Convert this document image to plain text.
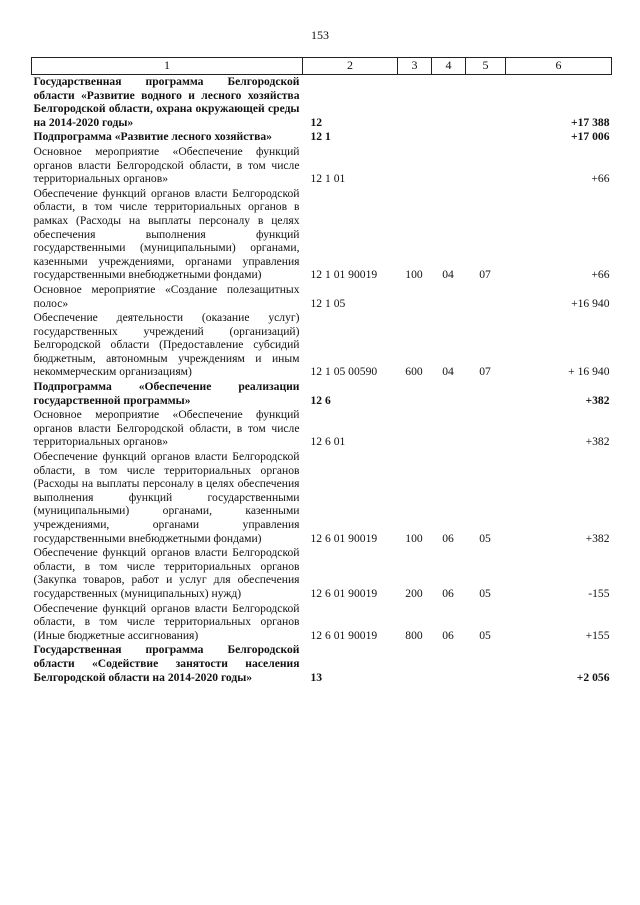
153
1	2	3	4	5	6
Государственная программа Белгородской области «Развитие водного и лесного хозяйства Белгородской области, охрана окружающей среды на 2014-2020 годы»	12				+17 388
Подпрограмма «Развитие лесного хозяйства»	12 1				+17 006
Основное мероприятие «Обеспечение функций органов власти Белгородской области, в том числе территориальных органов»	12 1 01				+66
Обеспечение функций органов власти Белгородской области, в том числе территориальных органов в рамках (Расходы на выплаты персоналу в целях обеспечения выполнения функций государственными (муниципальными) органами, казенными учреждениями, органами управления государственными внебюджетными фондами)	12 1 01 90019	100	04	07	+66
Основное мероприятие «Создание полезащитных полос»	12 1 05				+16 940
Обеспечение деятельности (оказание услуг) государственных учреждений (организаций) Белгородской области (Предоставление субсидий бюджетным, автономным учреждениям и иным некоммерческим организациям)	12 1 05 00590	600	04	07	+ 16 940
Подпрограмма «Обеспечение реализации государственной программы»	12 6				+382
Основное мероприятие «Обеспечение функций органов власти Белгородской области, в том числе территориальных органов»	12 6 01				+382
Обеспечение функций органов власти Белгородской области, в том числе территориальных органов (Расходы на выплаты персоналу в целях обеспечения выполнения функций государственными (муниципальными) органами, казенными учреждениями, органами управления государственными внебюджетными фондами)	12 6 01 90019	100	06	05	+382
Обеспечение функций органов власти Белгородской области, в том числе территориальных органов (Закупка товаров, работ и услуг для обеспечения государственных (муниципальных) нужд)	12 6 01 90019	200	06	05	-155
Обеспечение функций органов власти Белгородской области, в том числе территориальных органов (Иные бюджетные ассигнования)	12 6 01 90019	800	06	05	+155
Государственная программа Белгородской области «Содействие занятости населения Белгородской области на 2014-2020 годы»	13				+2 056
